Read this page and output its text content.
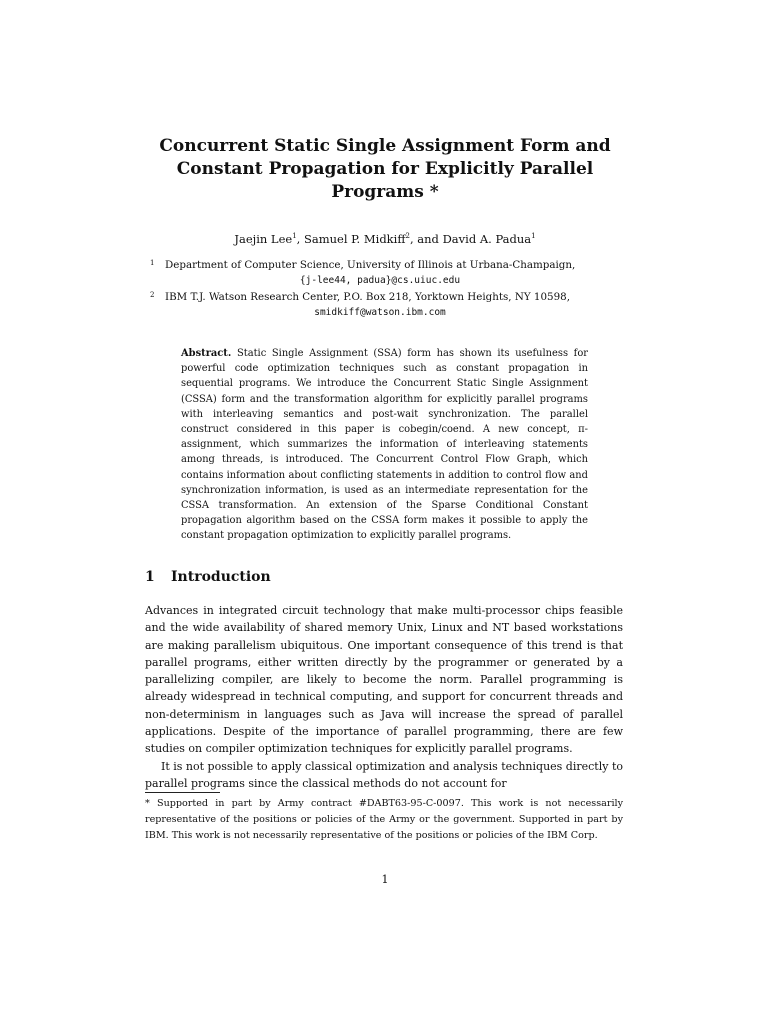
Concurrent Static Single Assignment Form and
Constant Propagation for Explicitly Parallel
Programs *
Jaejin Lee$^1$, Samuel P. Midkiff$^2$, and David A. Padua$^1$
1	Department of Computer Science, University of Illinois at Urbana-Champaign,
{j-lee44, padua}@cs.uiuc.edu
2	IBM T.J. Watson Research Center, P.O. Box 218, Yorktown Heights, NY 10598,
smidkiff@watson.ibm.com
Abstract. Static Single Assignment (SSA) form has shown its usefulness for powerful code optimization techniques such as constant propagation in sequential programs. We introduce the Concurrent Static Single Assignment (CSSA) form and the transformation algorithm for explicitly parallel programs with interleaving semantics and post-wait synchronization. The parallel construct considered in this paper is cobegin/coend. A new concept, π-assignment, which summarizes the information of interleaving statements among threads, is introduced. The Concurrent Control Flow Graph, which contains information about conflicting statements in addition to control flow and synchronization information, is used as an intermediate representation for the CSSA transformation. An extension of the Sparse Conditional Constant propagation algorithm based on the CSSA form makes it possible to apply the constant propagation optimization to explicitly parallel programs.
1 Introduction

Advances in integrated circuit technology that make multi-processor chips feasible and the wide availability of shared memory Unix, Linux and NT based workstations are making parallelism ubiquitous. One important consequence of this trend is that parallel programs, either written directly by the programmer or generated by a parallelizing compiler, are likely to become the norm. Parallel programming is already widespread in technical computing, and support for concurrent threads and non-determinism in languages such as Java will increase the spread of parallel applications. Despite of the importance of parallel programming, there are few studies on compiler optimization techniques for explicitly parallel programs.

It is not possible to apply classical optimization and analysis techniques directly to parallel programs since the classical methods do not account for

* Supported in part by Army contract #DABT63-95-C-0097. This work is not necessarily representative of the positions or policies of the Army or the government. Supported in part by IBM. This work is not necessarily representative of the positions or policies of the IBM Corp.
1
